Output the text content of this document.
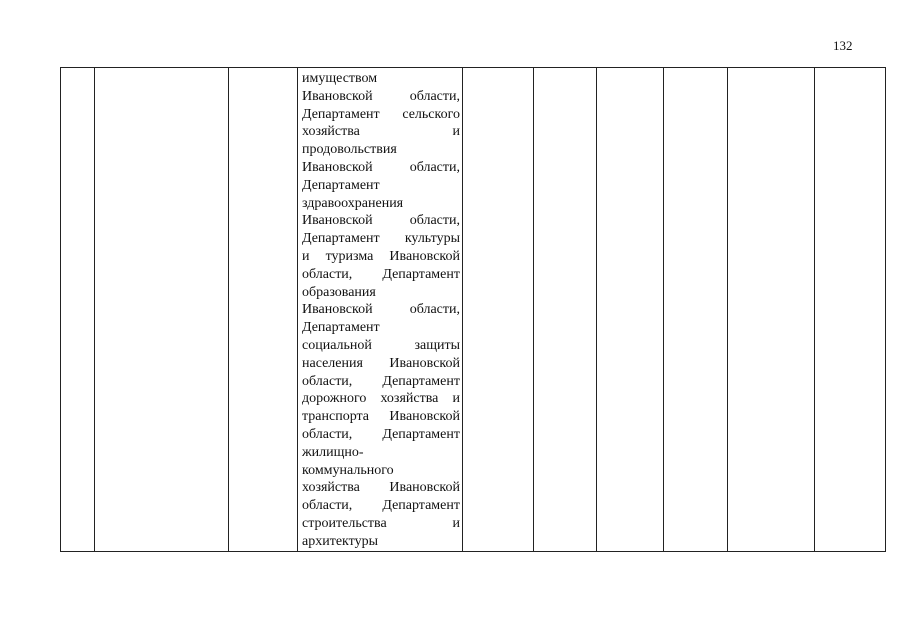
132

имуществом
Ивановской области,
Департамент сельского
хозяйства и
продовольствия
Ивановской области,
Департамент
здравоохранения
Ивановской области,
Департамент культуры
и туризма Ивановской
области, Департамент
образования
Ивановской области,
Департамент
социальной защиты
населения Ивановской
области, Департамент
дорожного хозяйства и
транспорта Ивановской
области, Департамент
жилищно-
коммунального
хозяйства Ивановской
области, Департамент
строительства и
архитектуры
